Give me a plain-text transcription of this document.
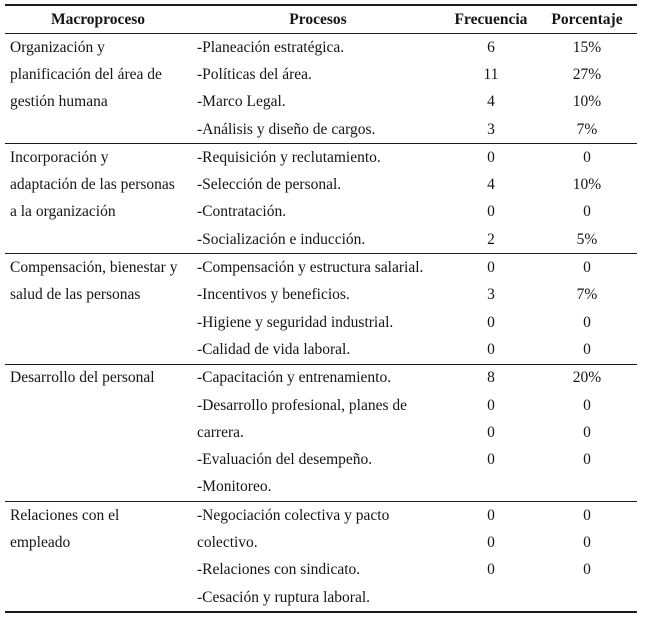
Macroproceso	Procesos	Frecuencia	Porcentaje
Organización y	-Planeación estratégica.	6	15%
planificación del área de	-Políticas del área.	11	27%
gestión humana	-Marco Legal.	4	10%
	-Análisis y diseño de cargos.	3	7%
Incorporación y	-Requisición y reclutamiento.	0	0
adaptación de las personas	-Selección de personal.	4	10%
a la organización	-Contratación.	0	0
	-Socialización e inducción.	2	5%
Compensación, bienestar y	-Compensación y estructura salarial.	0	0
salud de las personas	-Incentivos y beneficios.	3	7%
	-Higiene y seguridad industrial.	0	0
	-Calidad de vida laboral.	0	0
Desarrollo del personal	-Capacitación y entrenamiento.	8	20%
	-Desarrollo profesional, planes de	0	0
	carrera.	0	0
	-Evaluación del desempeño.	0	0
	-Monitoreo.		
Relaciones con el	-Negociación colectiva y pacto	0	0
empleado	colectivo.	0	0
	-Relaciones con sindicato.	0	0
	-Cesación y ruptura laboral.		
